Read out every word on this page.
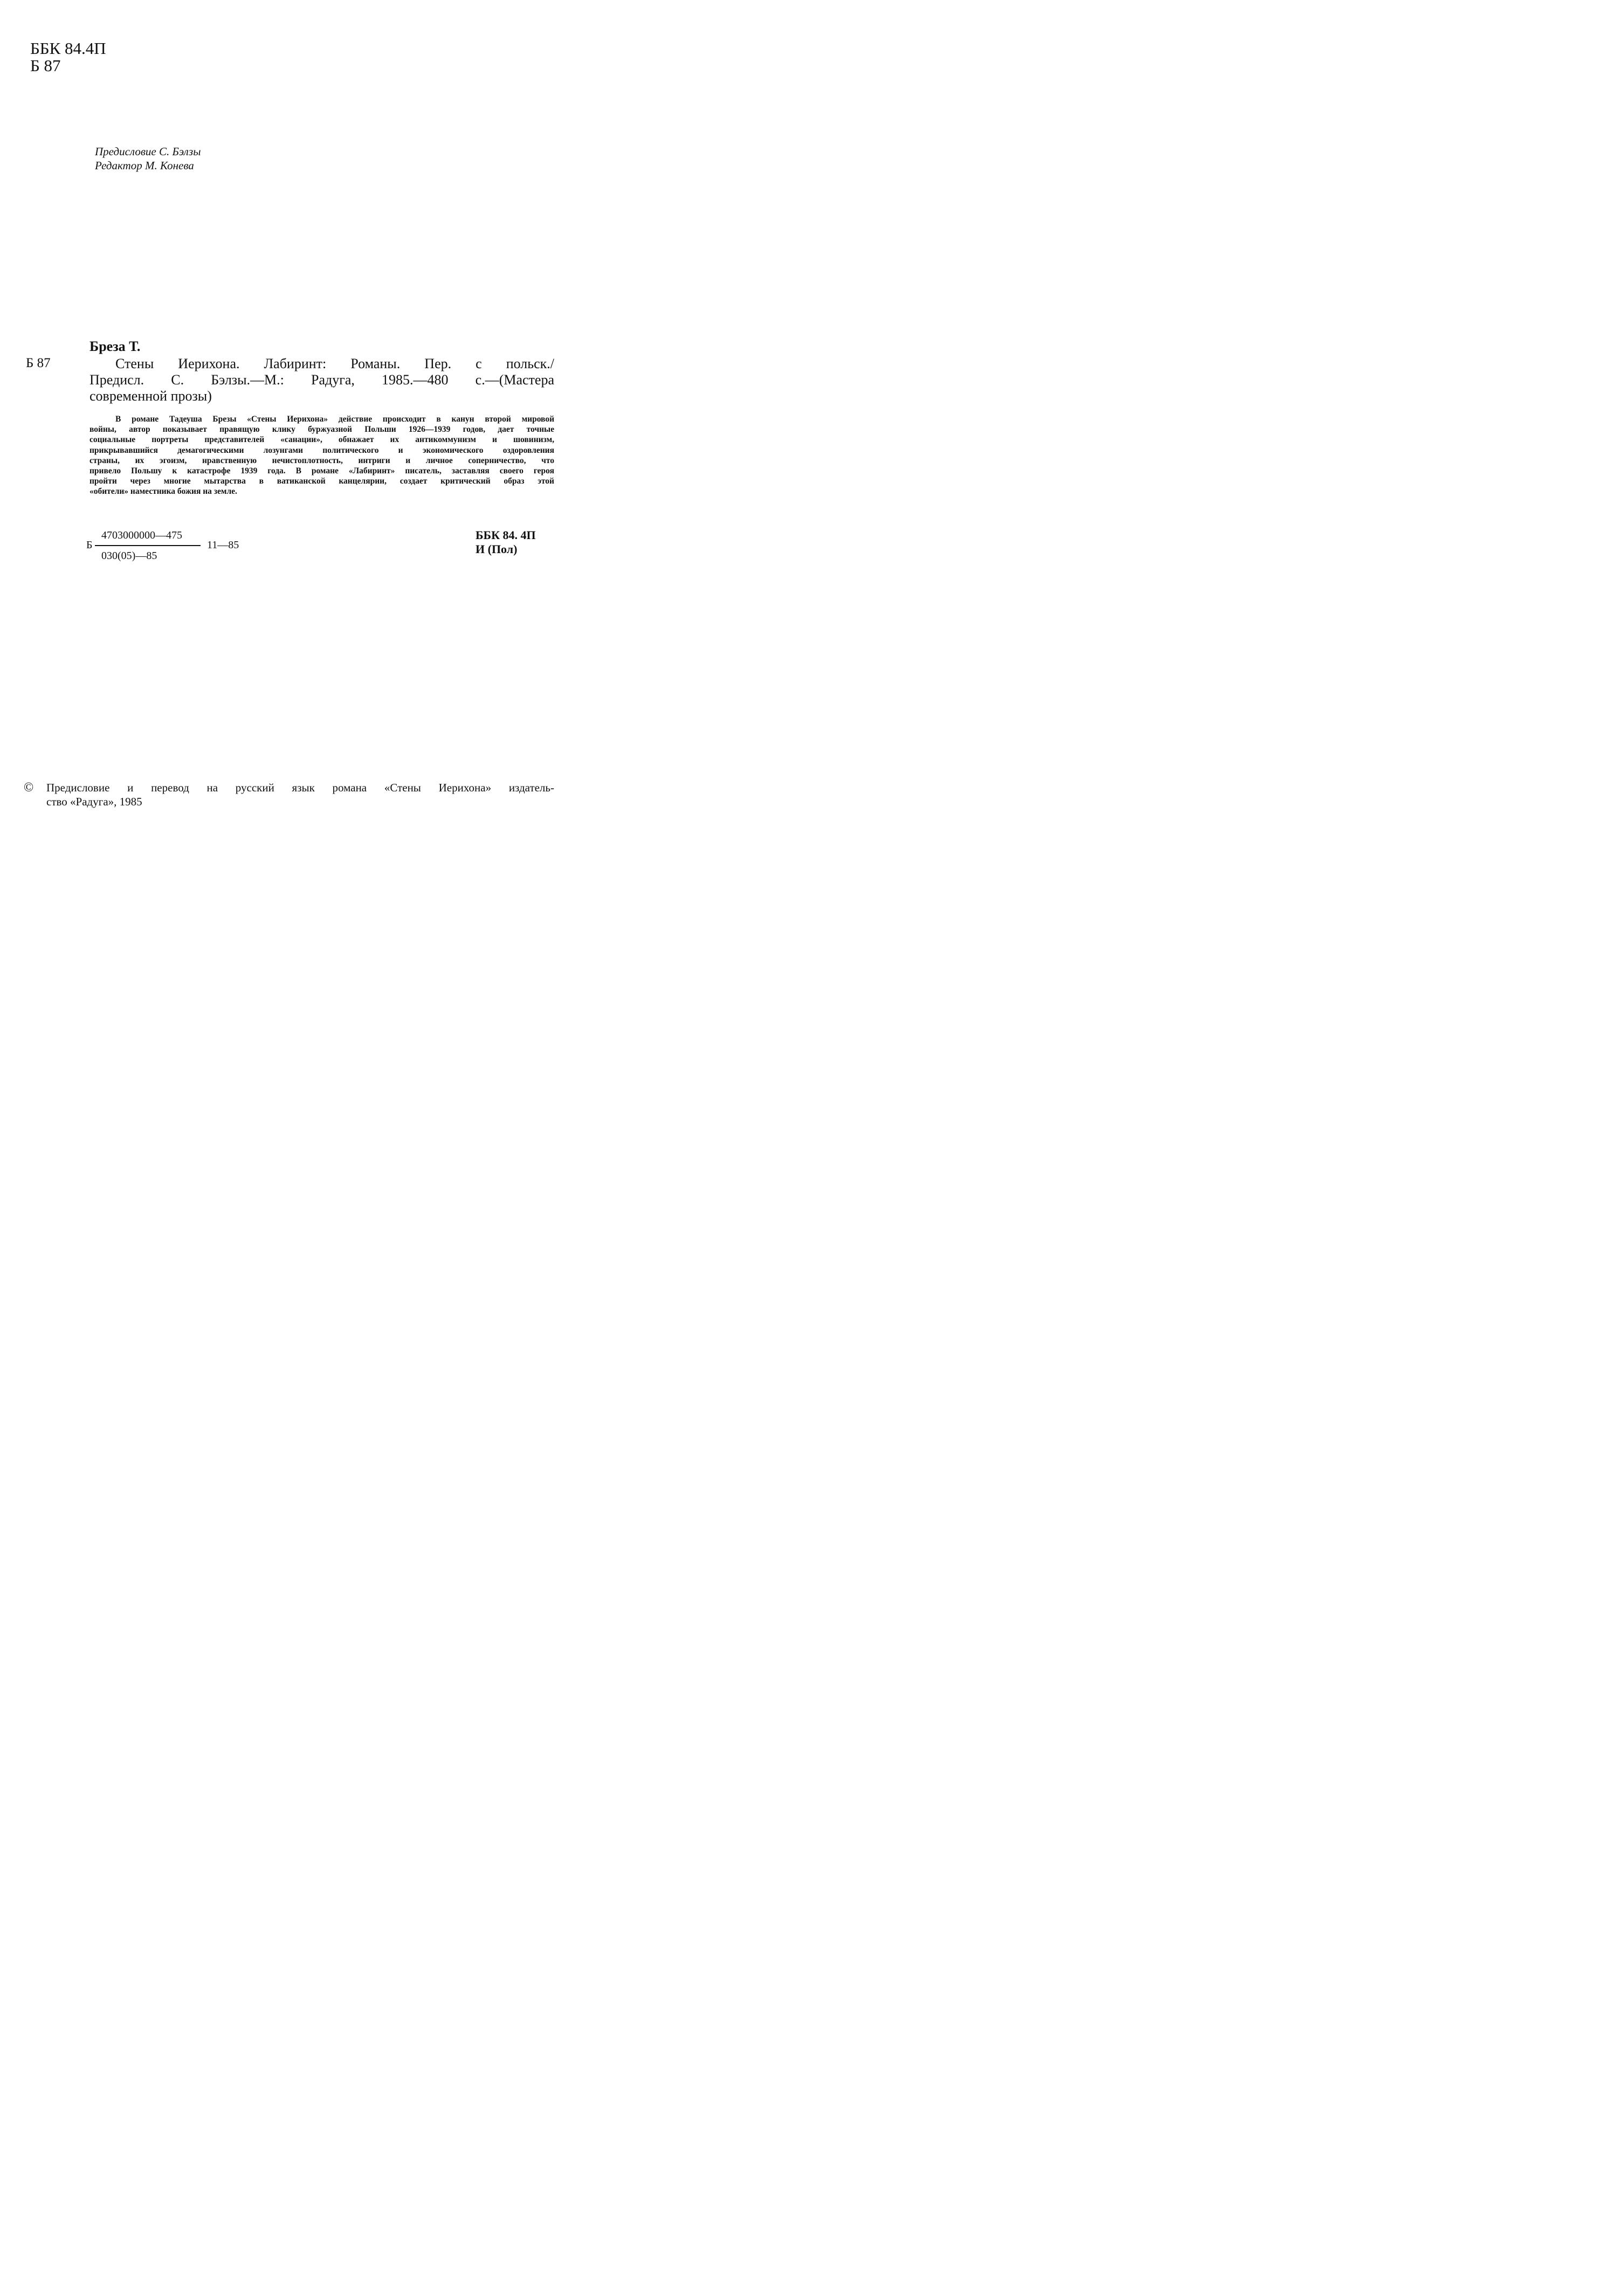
ББК 84.4П
Б 87
Предисловие С. Бэлзы
Редактор М. Конева
Бреза Т.
Б 87	Стены Иерихона. Лабиринт: Романы. Пер. с польск./
Предисл. С. Бэлзы.—М.: Радуга, 1985.—480 с.—(Мастера
современной прозы)
В романе Тадеуша Брезы «Стены Иерихона» действие происходит в канун второй мировой
войны, автор показывает правящую клику буржуазной Польши 1926—1939 годов, дает точные
социальные портреты представителей «санации», обнажает их антикоммунизм и шовинизм,
прикрывавшийся демагогическими лозунгами политического и экономического оздоровления
страны, их эгоизм, нравственную нечистоплотность, интриги и личное соперничество, что
привело Польшу к катастрофе 1939 года. В романе «Лабиринт» писатель, заставляя своего героя
пройти через многие мытарства в ватиканской канцелярии, создает критический образ этой
«обители» наместника божия на земле.
Б
4703000000—475
030(05)—85
11—85
ББК 84. 4П
И (Пол)
© Предисловие и перевод на русский язык романа «Стены Иерихона» издатель-
ство «Радуга», 1985
